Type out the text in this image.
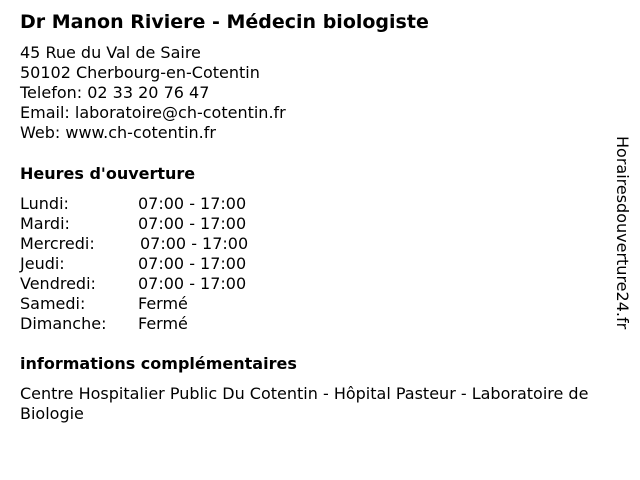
Dr Manon Riviere - Médecin biologiste
45 Rue du Val de Saire
50102 Cherbourg-en-Cotentin
Telefon: 02 33 20 76 47
Email: laboratoire@ch-cotentin.fr
Web: www.ch-cotentin.fr
Heures d'ouverture
Lundi:	07:00 - 17:00
Mardi:	07:00 - 17:00
Mercredi:	07:00 - 17:00
Jeudi:	07:00 - 17:00
Vendredi:	07:00 - 17:00
Samedi:	Fermé
Dimanche: Fermé
informations complémentaires
Centre Hospitalier Public Du Cotentin - Hôpital Pasteur - Laboratoire de Biologie
Horairesdouverture24.fr
